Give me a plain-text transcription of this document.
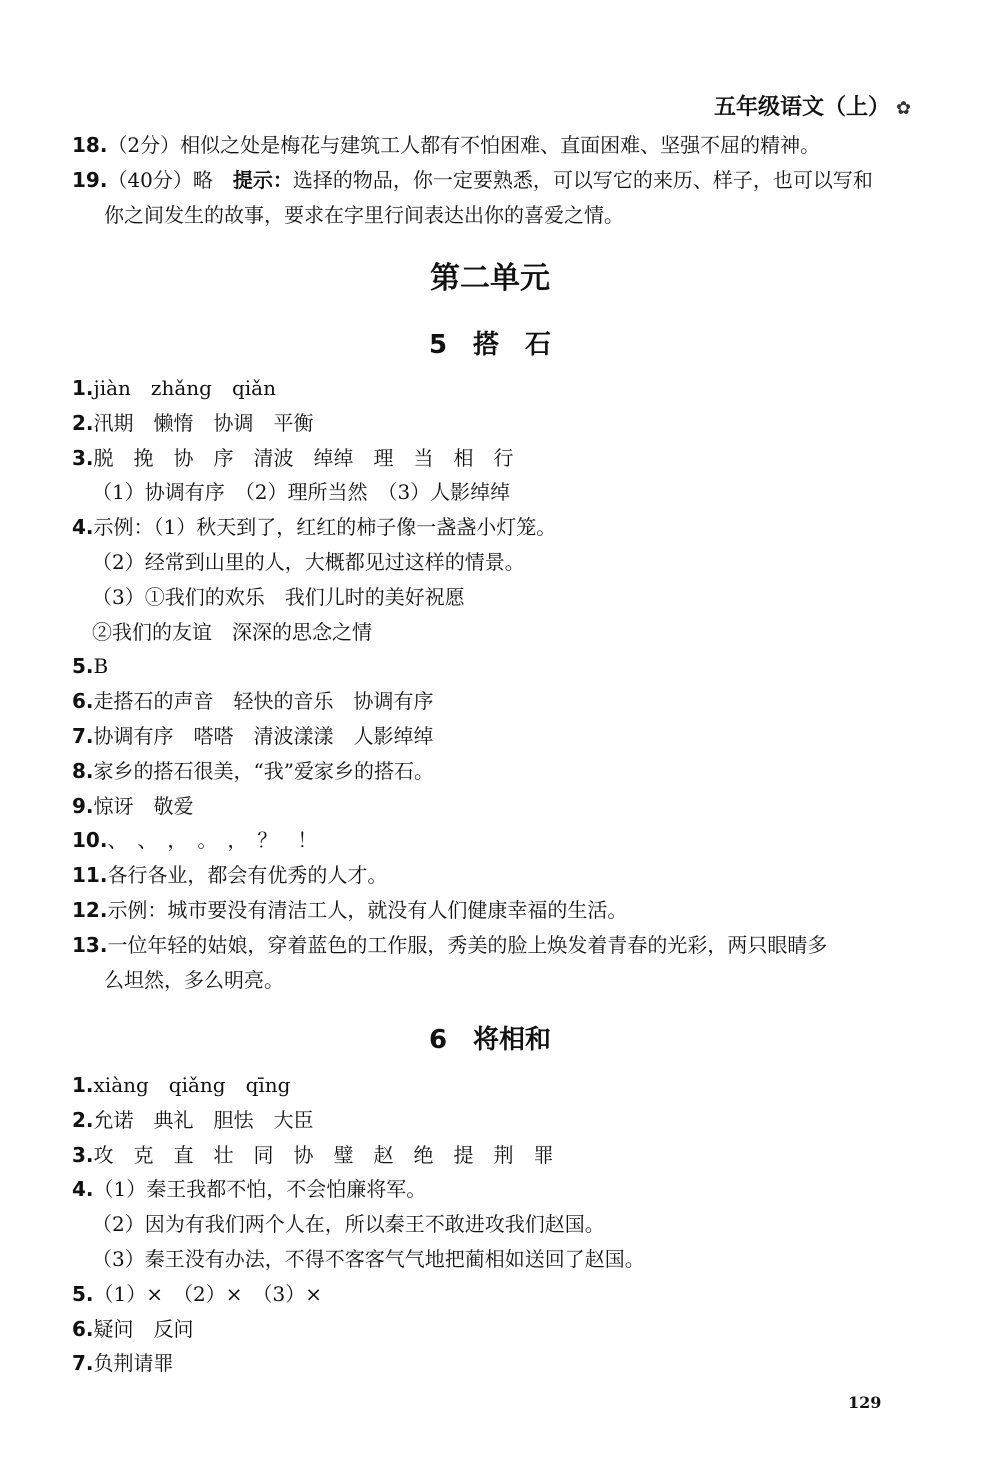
五年级语文（上） ✿
18.（2分）相似之处是梅花与建筑工人都有不怕困难、直面困难、坚强不屈的精神。
19.（40分）略　提示：选择的物品，你一定要熟悉，可以写它的来历、样子，也可以写和
你之间发生的故事，要求在字里行间表达出你的喜爱之情。
第二单元
5　搭　石
1.jiàn　zhǎng　qiǎn
2.汛期　懒惰　协调　平衡
3.脱　挽　协　序　清波　绰绰　理　当　相　行
（1）协调有序　（2）理所当然　（3）人影绰绰
4.示例：（1）秋天到了，红红的柿子像一盏盏小灯笼。
（2）经常到山里的人，大概都见过这样的情景。
（3）①我们的欢乐　我们儿时的美好祝愿
②我们的友谊　深深的思念之情
5.B
6.走搭石的声音　轻快的音乐　协调有序
7.协调有序　嗒嗒　清波漾漾　人影绰绰
8.家乡的搭石很美，“我”爱家乡的搭石。
9.惊讶　敬爱
10.、　、　，　。　，　？　！
11.各行各业，都会有优秀的人才。
12.示例：城市要没有清洁工人，就没有人们健康幸福的生活。
13.一位年轻的姑娘，穿着蓝色的工作服，秀美的脸上焕发着青春的光彩，两只眼睛多
么坦然，多么明亮。
6　将相和
1.xiàng　qiǎng　qīng
2.允诺　典礼　胆怯　大臣
3.攻　克　直　壮　同　协　璧　赵　绝　提　荆　罪
4.（1）秦王我都不怕，不会怕廉将军。
（2）因为有我们两个人在，所以秦王不敢进攻我们赵国。
（3）秦王没有办法，不得不客客气气地把蔺相如送回了赵国。
5.（1）×　（2）×　（3）×
6.疑问　反问
7.负荆请罪
129
